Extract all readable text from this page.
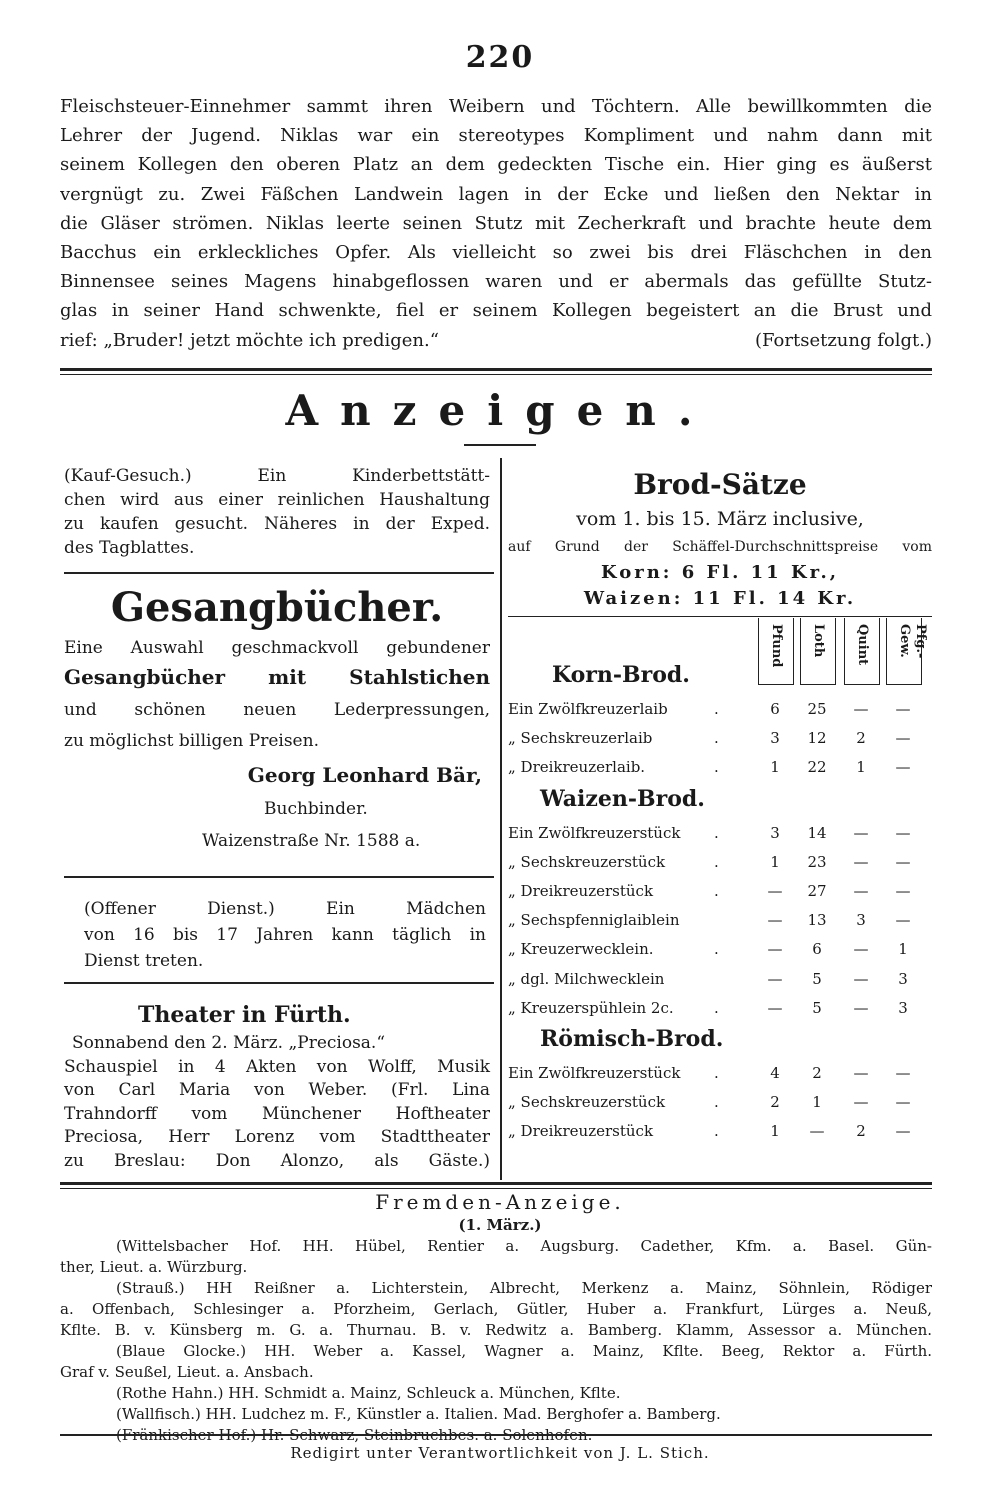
220
Fleischsteuer-Einnehmer sammt ihren Weibern und Töchtern. Alle bewillkommten die
Lehrer der Jugend. Niklas war ein stereotypes Kompliment und nahm dann mit
seinem Kollegen den oberen Platz an dem gedeckten Tische ein. Hier ging es äußerst
vergnügt zu. Zwei Fäßchen Landwein lagen in der Ecke und ließen den Nektar in
die Gläser strömen. Niklas leerte seinen Stutz mit Zecherkraft und brachte heute dem
Bacchus ein erkleckliches Opfer. Als vielleicht so zwei bis drei Fläschchen in den
Binnensee seines Magens hinabgeflossen waren und er abermals das gefüllte Stutz-
glas in seiner Hand schwenkte, fiel er seinem Kollegen begeistert an die Brust und
rief: „Bruder! jetzt möchte ich predigen.“	(Fortsetzung folgt.)
Anzeigen.
(Kauf-Gesuch.) Ein Kinderbettstätt-
chen wird aus einer reinlichen Haushaltung
zu kaufen gesucht. Näheres in der Exped.
des Tagblattes.
Gesangbücher.
Eine Auswahl geschmackvoll gebundener
Gesangbücher mit Stahlstichen
und schönen neuen Lederpressungen,
zu möglichst billigen Preisen.
Georg Leonhard Bär,
Buchbinder.
Waizenstraße Nr. 1588 a.
(Offener Dienst.) Ein Mädchen
von 16 bis 17 Jahren kann täglich in
Dienst treten.
Theater in Fürth.
Sonnabend den 2. März. „Preciosa.“
Schauspiel in 4 Akten von Wolff, Musik
von Carl Maria von Weber. (Frl. Lina
Trahndorff vom Münchener Hoftheater
Preciosa, Herr Lorenz vom Stadttheater
zu Breslau: Don Alonzo, als Gäste.)
Brod-Sätze
vom 1. bis 15. März inclusive,
auf Grund der Schäffel-Durchschnittspreise vom
Korn: 6 Fl. 11 Kr.,
Waizen: 11 Fl. 14 Kr.
Pfund Loth Quint	Pfg.-Gew.
Korn-Brod.
Ein Zwölfkreuzerlaib	.	6	25	—	—
„ Sechskreuzerlaib	.	3	12	2	—
„ Dreikreuzerlaib.	.	1	22	1	—
Waizen-Brod.
Ein Zwölfkreuzerstück .	3	14	—	—
„ Sechskreuzerstück	.	1	23	—	—
„ Dreikreuzerstück	.	—	27	—	—
„ Sechspfenniglaiblein	—	13	3	—
„ Kreuzerwecklein.	.	—	6	—	1
„ dgl. Milchwecklein	—	5	—	3
„ Kreuzerspühlein 2c.	.	—	5	—	3
Römisch-Brod.
Ein Zwölfkreuzerstück .	4	2	—	—
„ Sechskreuzerstück	.	2	1	—	—
„ Dreikreuzerstück	.	1	—	2	—
Fremden-Anzeige.
(1. März.)
(Wittelsbacher Hof. HH. Hübel, Rentier a. Augsburg. Cadether, Kfm. a. Basel. Gün-
ther, Lieut. a. Würzburg.
(Strauß.) HH Reißner a. Lichterstein, Albrecht, Merkenz a. Mainz, Söhnlein, Rödiger
a. Offenbach, Schlesinger a. Pforzheim, Gerlach, Gütler, Huber a. Frankfurt, Lürges a. Neuß,
Kflte. B. v. Künsberg m. G. a. Thurnau. B. v. Redwitz a. Bamberg. Klamm, Assessor a. München.
(Blaue Glocke.) HH. Weber a. Kassel, Wagner a. Mainz, Kflte. Beeg, Rektor a. Fürth.
Graf v. Seußel, Lieut. a. Ansbach.
(Rothe Hahn.) HH. Schmidt a. Mainz, Schleuck a. München, Kflte.
(Wallfisch.) HH. Ludchez m. F., Künstler a. Italien. Mad. Berghofer a. Bamberg.
(Fränkischer Hof.) Hr. Schwarz, Steinbruchbes. a. Solenhofen.
Redigirt unter Verantwortlichkeit von J. L. Stich.
